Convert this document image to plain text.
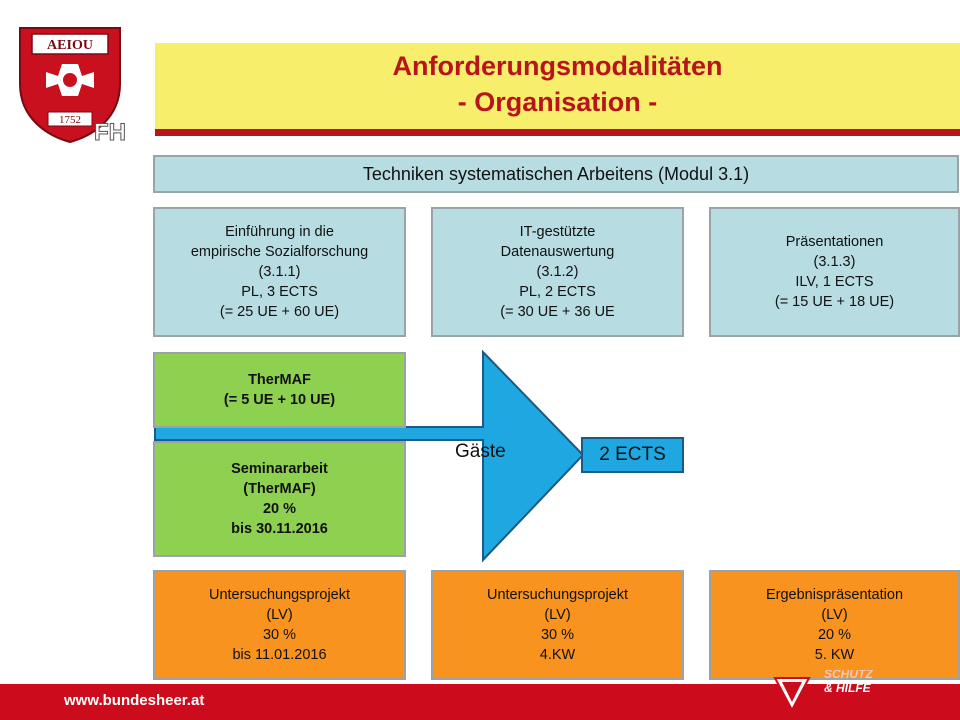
AEIOU
1752 FH
Anforderungsmodalitäten
- Organisation -
Techniken systematischen Arbeitens (Modul 3.1)
Einführung in die
empirische Sozialforschung
(3.1.1)
PL, 3 ECTS
(= 25 UE + 60 UE)
IT-gestützte
Datenauswertung
(3.1.2)
PL, 2 ECTS
(= 30 UE + 36 UE
Präsentationen
(3.1.3)
ILV, 1 ECTS
(= 15 UE + 18 UE)
Gäste
TherMAF
(= 5 UE + 10 UE)
Seminararbeit
(TherMAF)
20 %
bis 30.11.2016
2 ECTS
Untersuchungsprojekt
(LV)
30 %
bis 11.01.2016
Untersuchungsprojekt
(LV)
30 %
4.KW
Ergebnispräsentation
(LV)
20 %
5. KW
www.bundesheer.at
SCHUTZ
& HILFE
